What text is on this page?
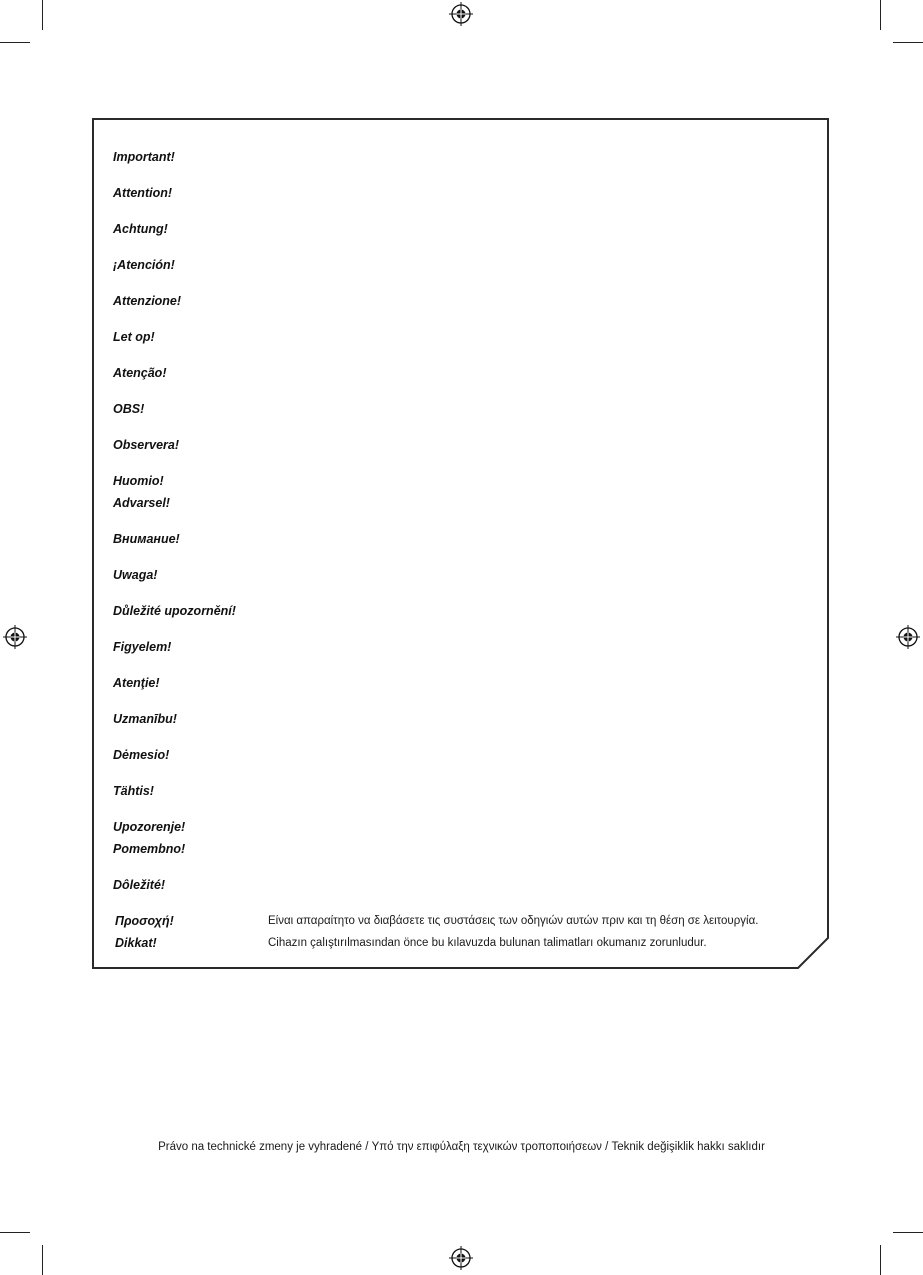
Important!
Attention!
Achtung!
¡Atención!
Attenzione!
Let op!
Atenção!
OBS!
Observera!
Huomio!
Advarsel!
Внимание!
Uwaga!
Důležité upozornění!
Figyelem!
Atenţie!
Uzmanību!
Dėmesio!
Tähtis!
Upozorenje!
Pomembno!
Dôležité!
Προσοχή!	Είναι απαραίτητο να διαβάσετε τις συστάσεις των οδηγιών αυτών πριν και τη θέση σε λειτουργία.
Dikkat!	Cihazın çalıştırılmasından önce bu kılavuzda bulunan talimatları okumanız zorunludur.
Právo na technické zmeny je vyhradené / Υπό την επιφύλαξη τεχνικών τροποποιήσεων / Teknik değişiklik hakkı saklıdır
